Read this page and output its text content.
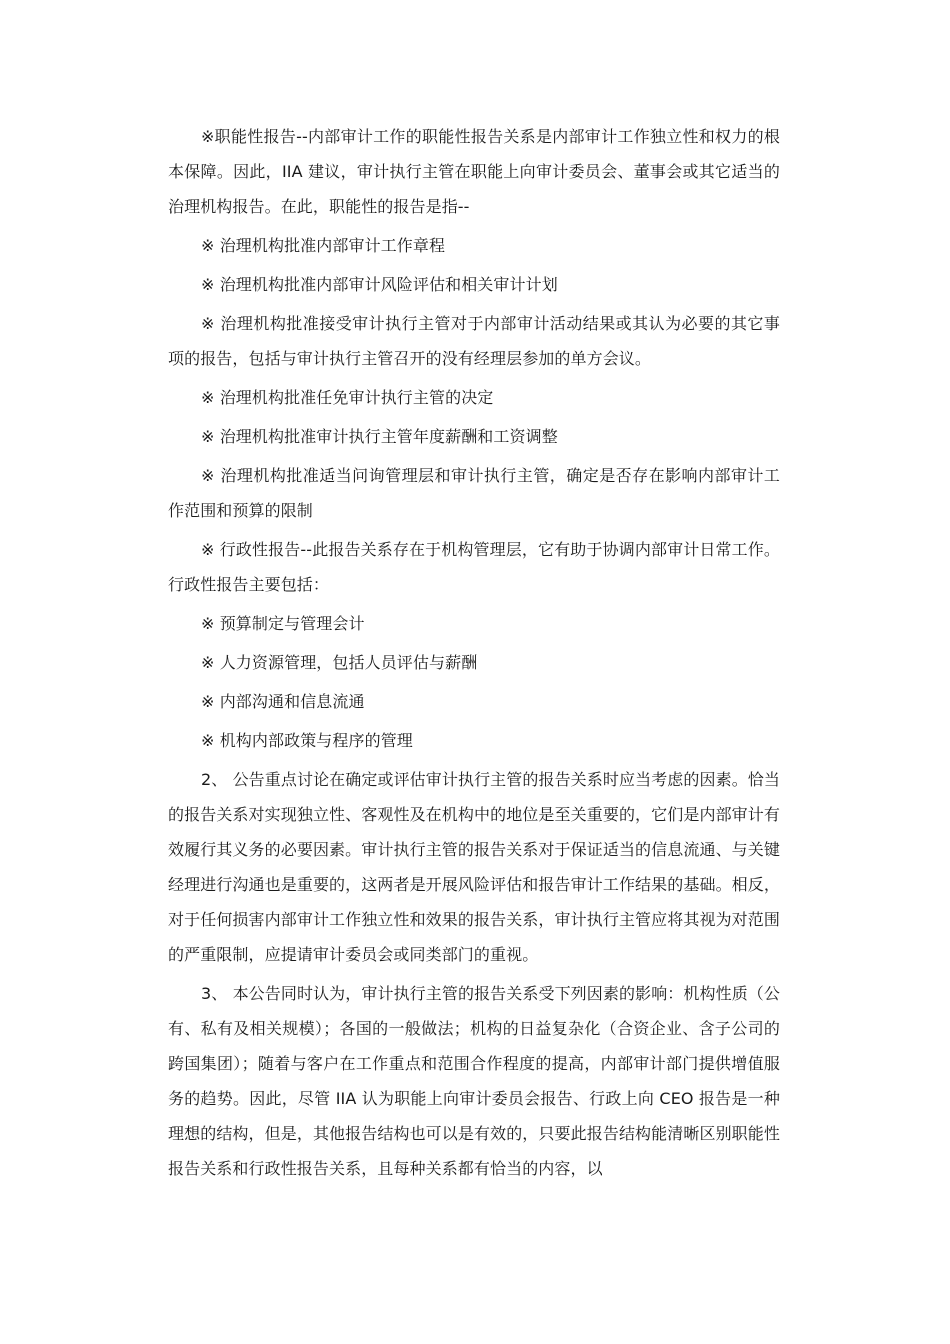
※职能性报告--内部审计工作的职能性报告关系是内部审计工作独立性和权力的根本保障。因此，IIA 建议，审计执行主管在职能上向审计委员会、董事会或其它适当的治理机构报告。在此，职能性的报告是指--

※ 治理机构批准内部审计工作章程

※ 治理机构批准内部审计风险评估和相关审计计划

※ 治理机构批准接受审计执行主管对于内部审计活动结果或其认为必要的其它事项的报告，包括与审计执行主管召开的没有经理层参加的单方会议。

※ 治理机构批准任免审计执行主管的决定

※ 治理机构批准审计执行主管年度薪酬和工资调整

※ 治理机构批准适当问询管理层和审计执行主管，确定是否存在影响内部审计工作范围和预算的限制

※ 行政性报告--此报告关系存在于机构管理层，它有助于协调内部审计日常工作。行政性报告主要包括：

※ 预算制定与管理会计

※ 人力资源管理，包括人员评估与薪酬

※ 内部沟通和信息流通

※ 机构内部政策与程序的管理

2、 公告重点讨论在确定或评估审计执行主管的报告关系时应当考虑的因素。恰当的报告关系对实现独立性、客观性及在机构中的地位是至关重要的，它们是内部审计有效履行其义务的必要因素。审计执行主管的报告关系对于保证适当的信息流通、与关键经理进行沟通也是重要的，这两者是开展风险评估和报告审计工作结果的基础。相反，对于任何损害内部审计工作独立性和效果的报告关系，审计执行主管应将其视为对范围的严重限制，应提请审计委员会或同类部门的重视。

3、 本公告同时认为，审计执行主管的报告关系受下列因素的影响：机构性质（公有、私有及相关规模）；各国的一般做法；机构的日益复杂化（合资企业、含子公司的跨国集团）；随着与客户在工作重点和范围合作程度的提高，内部审计部门提供增值服务的趋势。因此，尽管 IIA 认为职能上向审计委员会报告、行政上向 CEO 报告是一种理想的结构，但是，其他报告结构也可以是有效的，只要此报告结构能清晰区别职能性报告关系和行政性报告关系，且每种关系都有恰当的内容，以
